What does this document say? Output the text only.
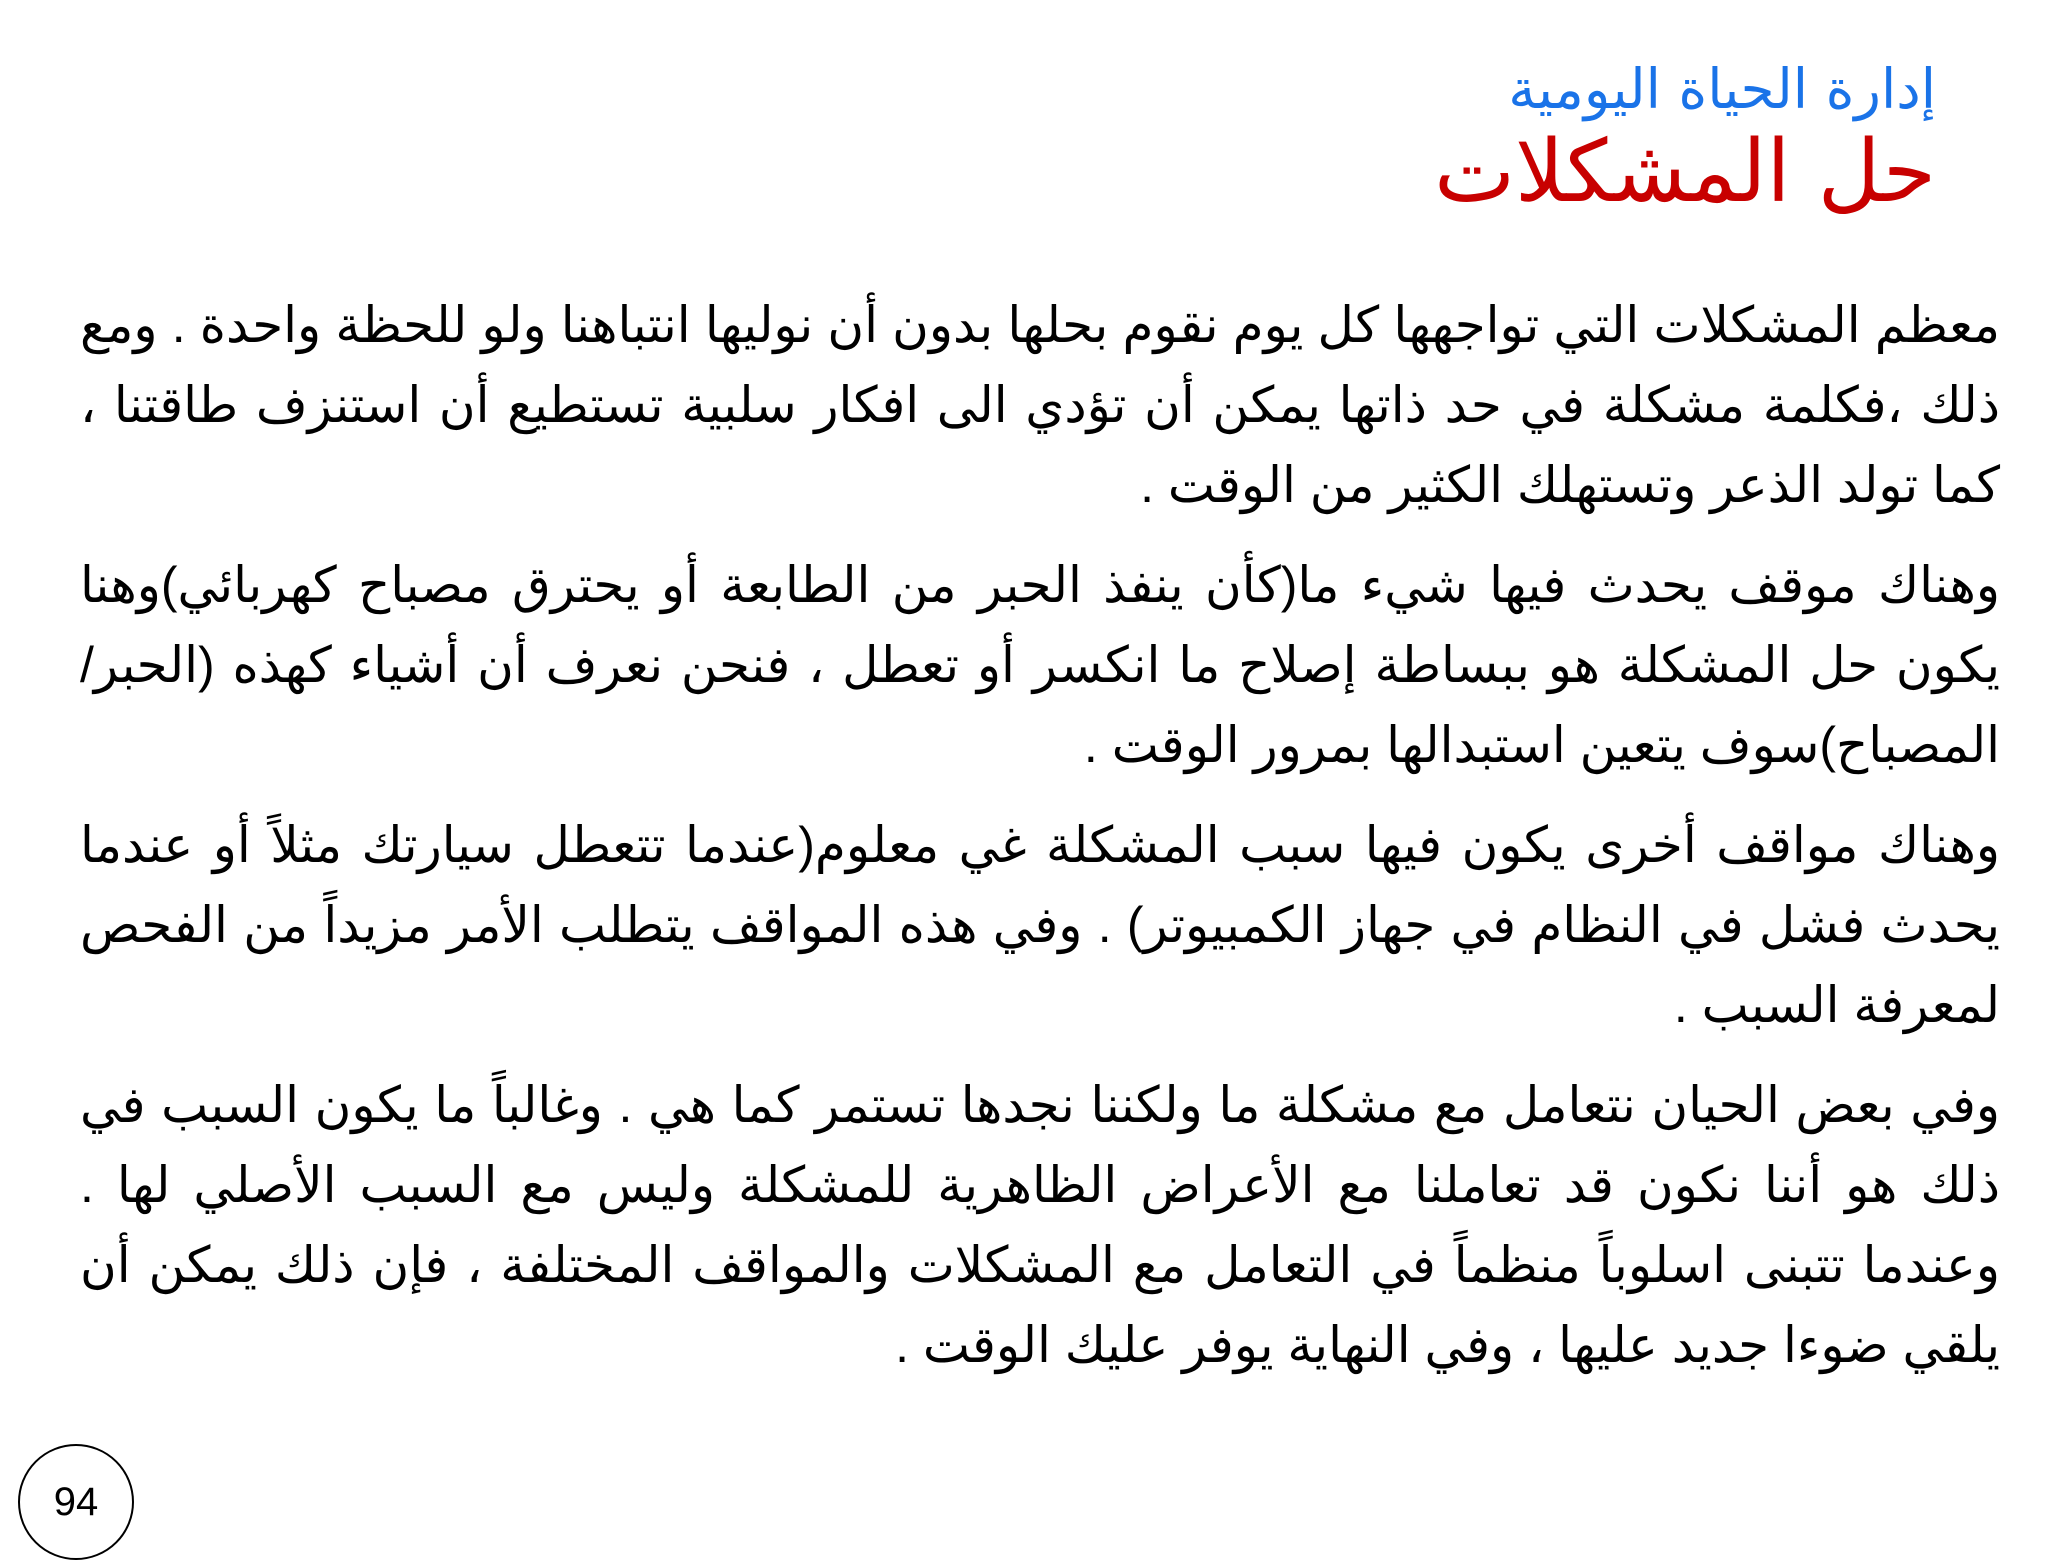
إدارة الحياة اليومية
حل المشكلات

معظم المشكلات التي تواجهها كل يوم نقوم بحلها بدون أن نوليها انتباهنا ولو للحظة واحدة . ومع ذلك ،فكلمة مشكلة في حد ذاتها يمكن أن تؤدي الى افكار سلبية تستطيع أن استنزف طاقتنا ، كما تولد الذعر وتستهلك الكثير من الوقت .

وهناك موقف يحدث فيها شيء ما(كأن ينفذ الحبر من الطابعة أو يحترق مصباح كهربائي)وهنا يكون حل المشكلة هو ببساطة إصلاح ما انكسر أو تعطل ، فنحن نعرف أن أشياء كهذه (الحبر/المصباح)سوف يتعين استبدالها بمرور الوقت .

وهناك مواقف أخرى يكون فيها سبب المشكلة غي معلوم(عندما تتعطل سيارتك مثلاً أو عندما يحدث فشل في النظام في جهاز الكمبيوتر) . وفي هذه المواقف يتطلب الأمر مزيداً من الفحص لمعرفة السبب .

وفي بعض الحيان نتعامل مع مشكلة ما ولكننا نجدها تستمر كما هي . وغالباً ما يكون السبب في ذلك هو أننا نكون قد تعاملنا مع الأعراض الظاهرية للمشكلة وليس مع السبب الأصلي لها . وعندما تتبنى اسلوباً منظماً في التعامل مع المشكلات والمواقف المختلفة ، فإن ذلك يمكن أن يلقي ضوءا جديد عليها ، وفي النهاية يوفر عليك الوقت .

94
